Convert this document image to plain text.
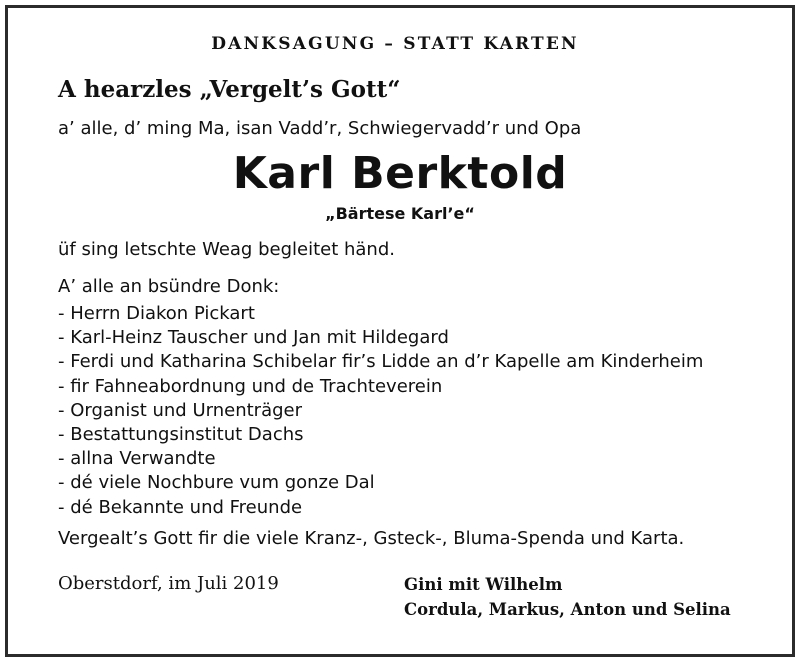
DANKSAGUNG – STATT KARTEN
A hearzles „Vergelt’s Gott“
a’ alle, d’ ming Ma, isan Vadd’r, Schwiegervadd’r und Opa
Karl Berktold
„Bärtese Karl’e“
üf sing letschte Weag begleitet händ.
A’ alle an bsündre Donk:
- Herrn Diakon Pickart
- Karl-Heinz Tauscher und Jan mit Hildegard
- Ferdi und Katharina Schibelar fir’s Lidde an d’r Kapelle am Kinderheim
- fir Fahneabordnung und de Trachteverein
- Organist und Urnenträger
- Bestattungsinstitut Dachs
- allna Verwandte
- dé viele Nochbure vum gonze Dal
- dé Bekannte und Freunde
Vergealt’s Gott fir die viele Kranz-, Gsteck-, Bluma-Spenda und Karta.
Oberstdorf, im Juli 2019	Gini mit Wilhelm
Cordula, Markus, Anton und Selina
